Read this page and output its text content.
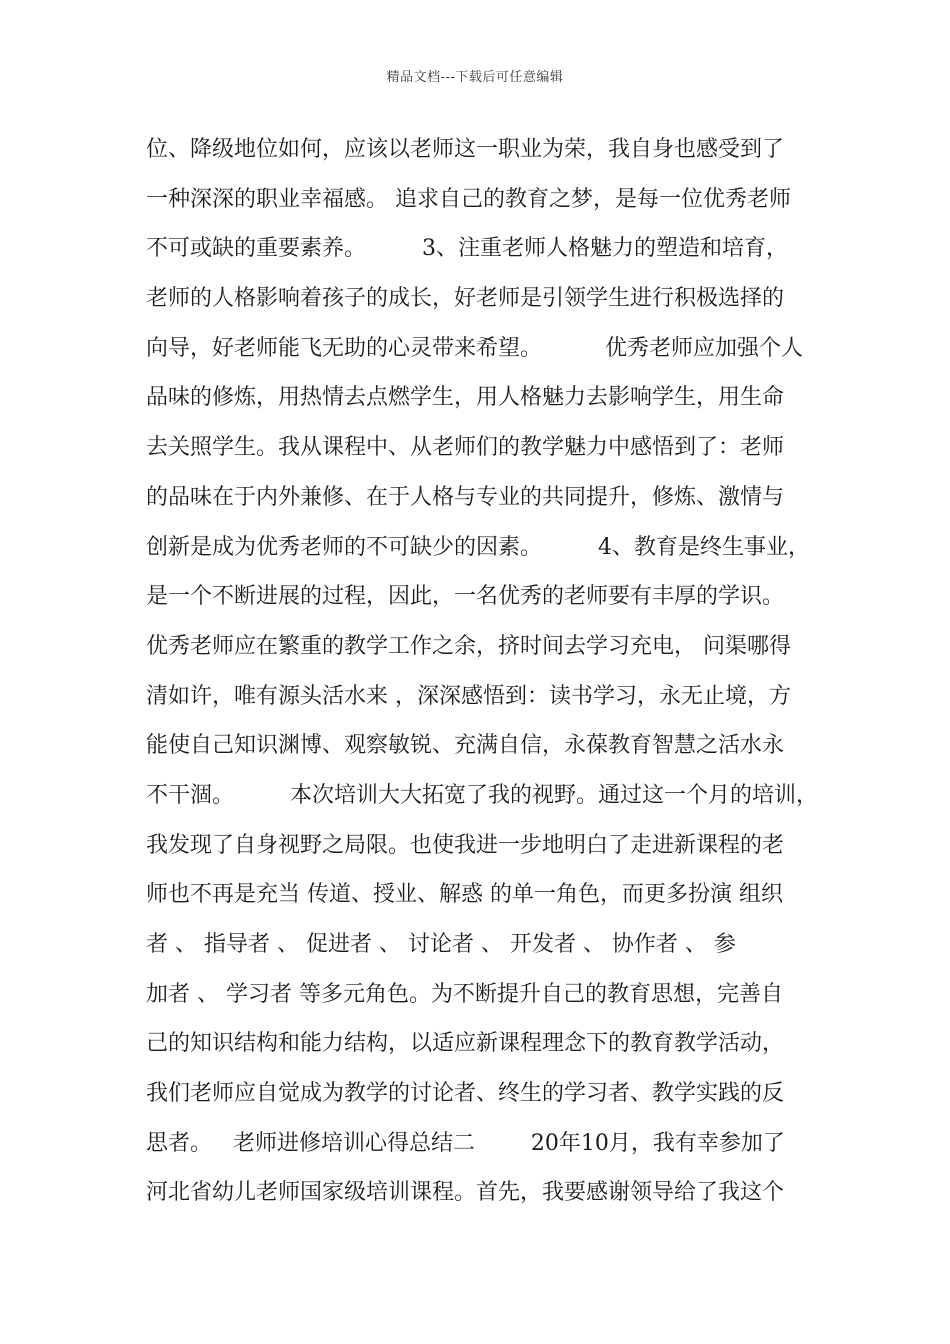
精品文档---下载后可任意编辑
位、降级地位如何，应该以老师这一职业为荣，我自身也感受到了
一种深深的职业幸福感。 追求自己的教育之梦，是每一位优秀老师
不可或缺的重要素养。        3、注重老师人格魅力的塑造和培育，
老师的人格影响着孩子的成长，好老师是引领学生进行积极选择的
向导，好老师能飞无助的心灵带来希望。         优秀老师应加强个人
品味的修炼，用热情去点燃学生，用人格魅力去影响学生，用生命
去关照学生。我从课程中、从老师们的教学魅力中感悟到了：老师
的品味在于内外兼修、在于人格与专业的共同提升，修炼、激情与
创新是成为优秀老师的不可缺少的因素。        4、教育是终生事业，
是一个不断进展的过程，因此，一名优秀的老师要有丰厚的学识。
优秀老师应在繁重的教学工作之余，挤时间去学习充电， 问渠哪得
清如许，唯有源头活水来 ，深深感悟到：读书学习，永无止境，方
能使自己知识渊博、观察敏锐、充满自信，永葆教育智慧之活水永
不干涸。        本次培训大大拓宽了我的视野。通过这一个月的培训，
我发现了自身视野之局限。也使我进一步地明白了走进新课程的老
师也不再是充当 传道、授业、解惑 的单一角色，而更多扮演 组织
者 、 指导者 、 促进者 、 讨论者 、 开发者 、 协作者 、 参
加者 、 学习者 等多元角色。为不断提升自己的教育思想，完善自
己的知识结构和能力结构，以适应新课程理念下的教育教学活动，
我们老师应自觉成为教学的讨论者、终生的学习者、教学实践的反
思者。   老师进修培训心得总结二        20年10月，我有幸参加了
河北省幼儿老师国家级培训课程。首先，我要感谢领导给了我这个
